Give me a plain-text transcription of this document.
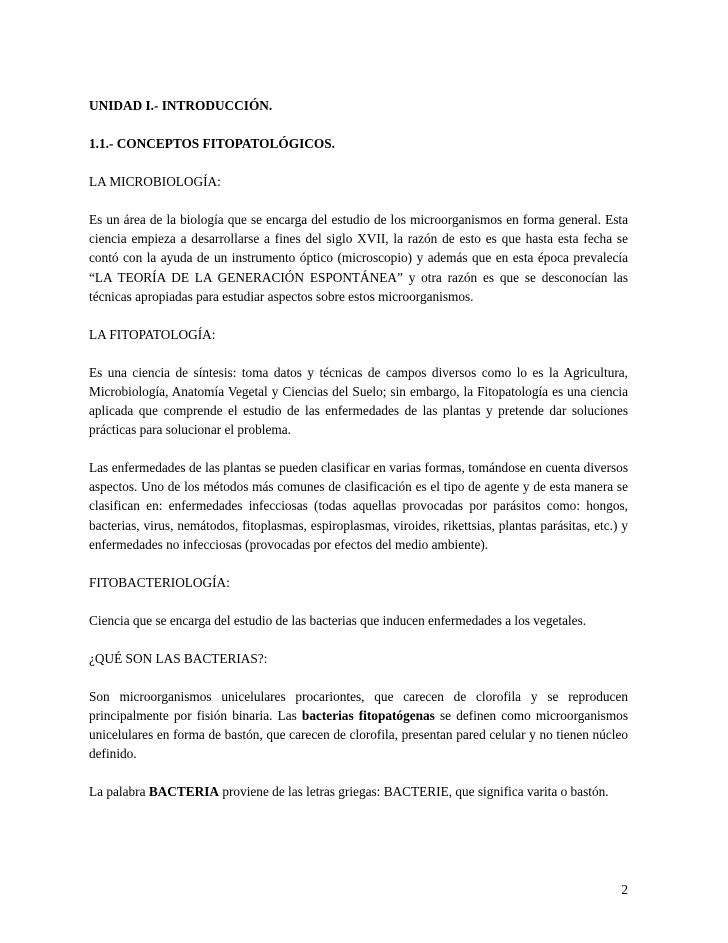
UNIDAD I.- INTRODUCCIÓN.

1.1.- CONCEPTOS FITOPATOLÓGICOS.

LA MICROBIOLOGÍA:

Es un área de la biología que se encarga del estudio de los microorganismos en forma general. Esta ciencia empieza a desarrollarse a fines del siglo XVII, la razón de esto es que hasta esta fecha se contó con la ayuda de un instrumento óptico (microscopio) y además que en esta época prevalecía “LA TEORÍA DE LA GENERACIÓN ESPONTÁNEA” y otra razón es que se desconocían las técnicas apropiadas para estudiar aspectos sobre estos microorganismos.

LA FITOPATOLOGÍA:

Es una ciencia de síntesis: toma datos y técnicas de campos diversos como lo es la Agricultura, Microbiología, Anatomía Vegetal y Ciencias del Suelo; sin embargo, la Fitopatología es una ciencia aplicada que comprende el estudio de las enfermedades de las plantas y pretende dar soluciones prácticas para solucionar el problema.

Las enfermedades de las plantas se pueden clasificar en varias formas, tomándose en cuenta diversos aspectos. Uno de los métodos más comunes de clasificación es el tipo de agente y de esta manera se clasifican en: enfermedades infecciosas (todas aquellas provocadas por parásitos como: hongos, bacterias, virus, nemátodos, fitoplasmas, espiroplasmas, viroides, rikettsias, plantas parásitas, etc.) y enfermedades no infecciosas (provocadas por efectos del medio ambiente).

FITOBACTERIOLOGÍA:

Ciencia que se encarga del estudio de las bacterias que inducen enfermedades a los vegetales.

¿QUÉ SON LAS BACTERIAS?:

Son microorganismos unicelulares procariontes, que carecen de clorofila y se reproducen principalmente por fisión binaria. Las bacterias fitopatógenas se definen como microorganismos unicelulares en forma de bastón, que carecen de clorofila, presentan pared celular y no tienen núcleo definido.

La palabra BACTERIA proviene de las letras griegas: BACTERIE, que significa varita o bastón.

2
